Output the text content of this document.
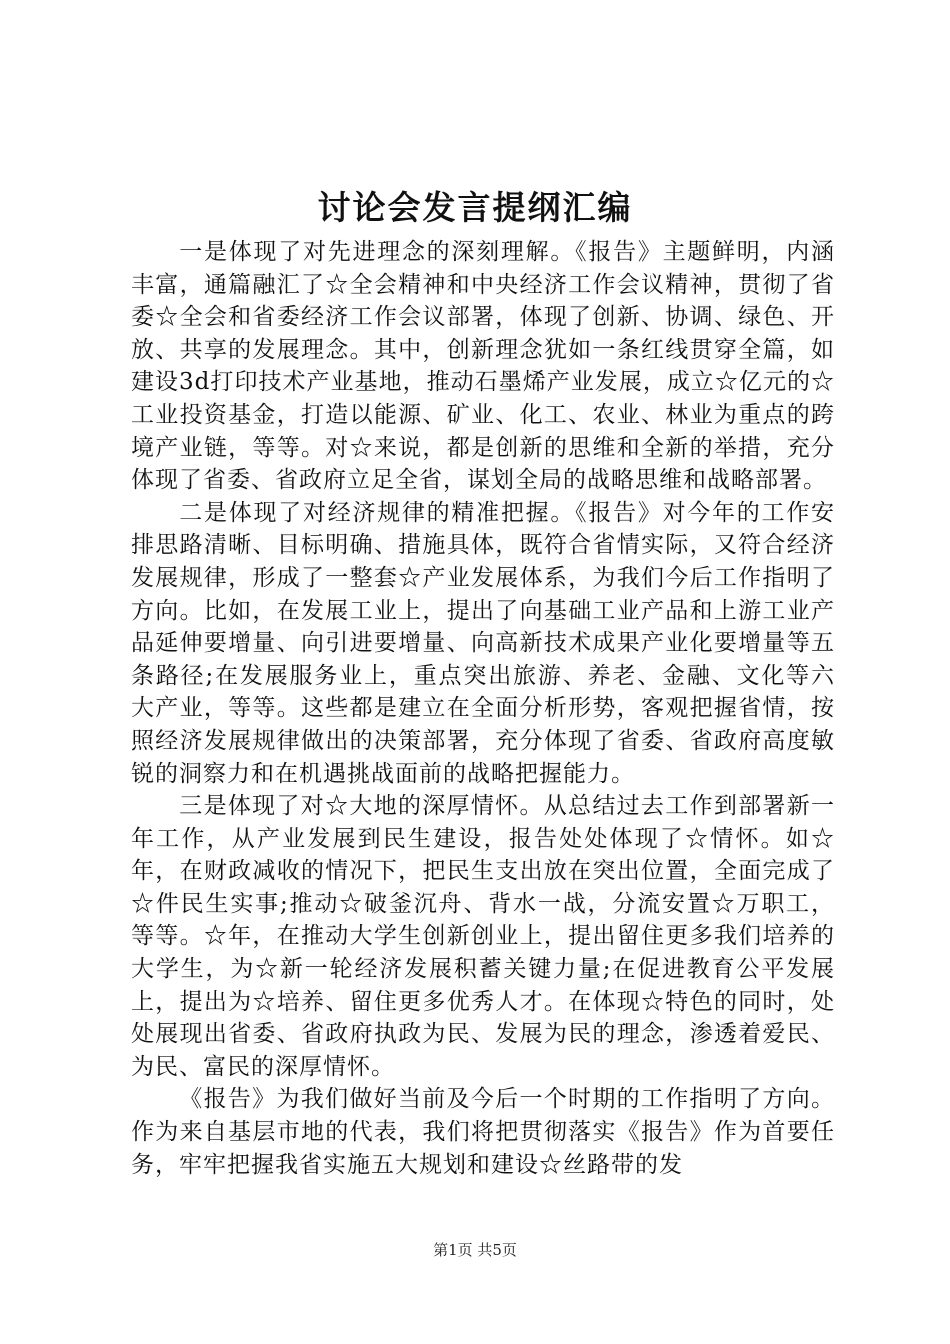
讨论会发言提纲汇编

一是体现了对先进理念的深刻理解。《报告》主题鲜明，内涵丰富，通篇融汇了☆全会精神和中央经济工作会议精神，贯彻了省委☆全会和省委经济工作会议部署，体现了创新、协调、绿色、开放、共享的发展理念。其中，创新理念犹如一条红线贯穿全篇，如建设3d打印技术产业基地，推动石墨烯产业发展，成立☆亿元的☆工业投资基金，打造以能源、矿业、化工、农业、林业为重点的跨境产业链，等等。对☆来说，都是创新的思维和全新的举措，充分体现了省委、省政府立足全省，谋划全局的战略思维和战略部署。

二是体现了对经济规律的精准把握。《报告》对今年的工作安排思路清晰、目标明确、措施具体，既符合省情实际，又符合经济发展规律，形成了一整套☆产业发展体系，为我们今后工作指明了方向。比如，在发展工业上，提出了向基础工业产品和上游工业产品延伸要增量、向引进要增量、向高新技术成果产业化要增量等五条路径;在发展服务业上，重点突出旅游、养老、金融、文化等六大产业，等等。这些都是建立在全面分析形势，客观把握省情，按照经济发展规律做出的决策部署，充分体现了省委、省政府高度敏锐的洞察力和在机遇挑战面前的战略把握能力。

三是体现了对☆大地的深厚情怀。从总结过去工作到部署新一年工作，从产业发展到民生建设，报告处处体现了☆情怀。如☆年，在财政减收的情况下，把民生支出放在突出位置，全面完成了☆件民生实事;推动☆破釜沉舟、背水一战，分流安置☆万职工，等等。☆年，在推动大学生创新创业上，提出留住更多我们培养的大学生，为☆新一轮经济发展积蓄关键力量;在促进教育公平发展上，提出为☆培养、留住更多优秀人才。在体现☆特色的同时，处处展现出省委、省政府执政为民、发展为民的理念，渗透着爱民、为民、富民的深厚情怀。

《报告》为我们做好当前及今后一个时期的工作指明了方向。作为来自基层市地的代表，我们将把贯彻落实《报告》作为首要任务，牢牢把握我省实施五大规划和建设☆丝路带的发

第1页 共5页
